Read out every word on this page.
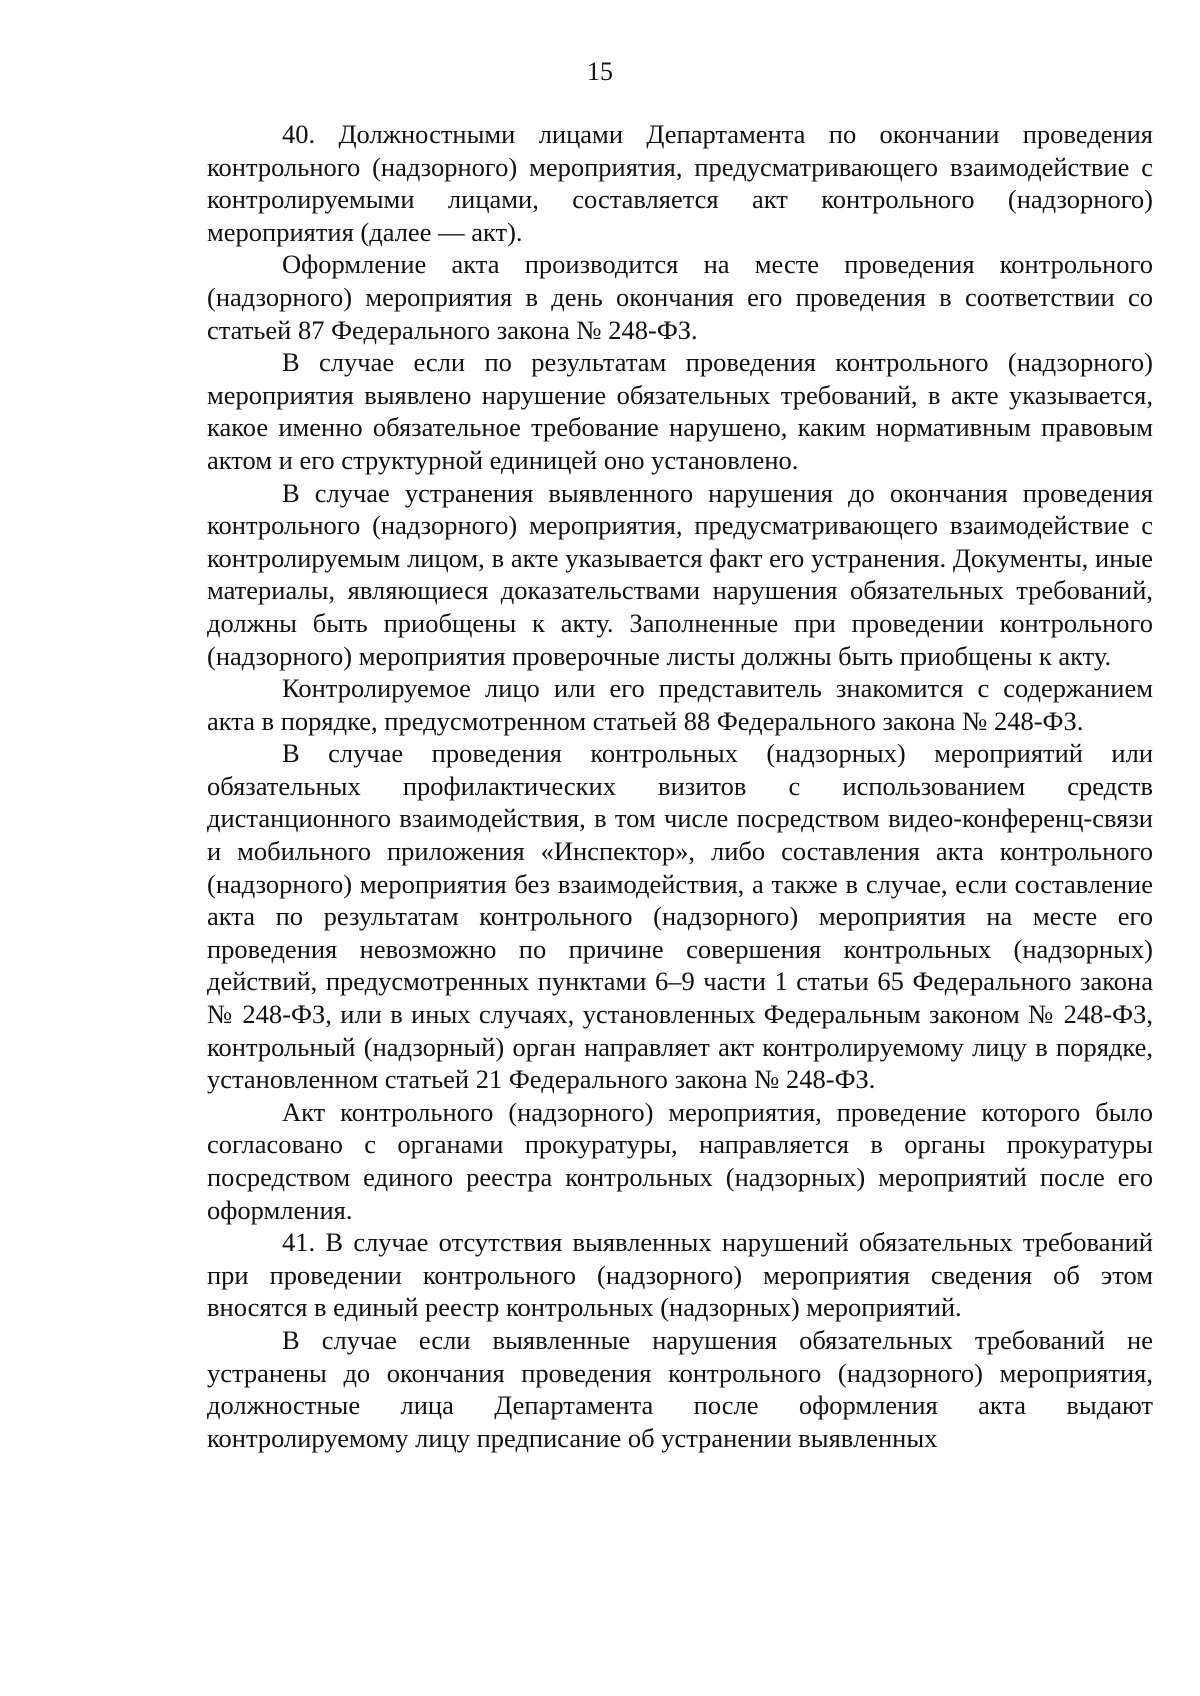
15

40. Должностными лицами Департамента по окончании проведения контрольного (надзорного) мероприятия, предусматривающего взаимодействие с контролируемыми лицами, составляется акт контрольного (надзорного) мероприятия (далее — акт).

Оформление акта производится на месте проведения контрольного (надзорного) мероприятия в день окончания его проведения в соответствии со статьей 87 Федерального закона № 248-ФЗ.

В случае если по результатам проведения контрольного (надзорного) мероприятия выявлено нарушение обязательных требований, в акте указывается, какое именно обязательное требование нарушено, каким нормативным правовым актом и его структурной единицей оно установлено.

В случае устранения выявленного нарушения до окончания проведения контрольного (надзорного) мероприятия, предусматривающего взаимодействие с контролируемым лицом, в акте указывается факт его устранения. Документы, иные материалы, являющиеся доказательствами нарушения обязательных требований, должны быть приобщены к акту. Заполненные при проведении контрольного (надзорного) мероприятия проверочные листы должны быть приобщены к акту.

Контролируемое лицо или его представитель знакомится с содержанием акта в порядке, предусмотренном статьей 88 Федерального закона № 248-ФЗ.

В случае проведения контрольных (надзорных) мероприятий или обязательных профилактических визитов с использованием средств дистанционного взаимодействия, в том числе посредством видео-конференц-связи и мобильного приложения «Инспектор», либо составления акта контрольного (надзорного) мероприятия без взаимодействия, а также в случае, если составление акта по результатам контрольного (надзорного) мероприятия на месте его проведения невозможно по причине совершения контрольных (надзорных) действий, предусмотренных пунктами 6–9 части 1 статьи 65 Федерального закона № 248-ФЗ, или в иных случаях, установленных Федеральным законом № 248-ФЗ, контрольный (надзорный) орган направляет акт контролируемому лицу в порядке, установленном статьей 21 Федерального закона № 248-ФЗ.

Акт контрольного (надзорного) мероприятия, проведение которого было согласовано с органами прокуратуры, направляется в органы прокуратуры посредством единого реестра контрольных (надзорных) мероприятий после его оформления.

41. В случае отсутствия выявленных нарушений обязательных требований при проведении контрольного (надзорного) мероприятия сведения об этом вносятся в единый реестр контрольных (надзорных) мероприятий.

В случае если выявленные нарушения обязательных требований не устранены до окончания проведения контрольного (надзорного) мероприятия, должностные лица Департамента после оформления акта выдают контролируемому лицу предписание об устранении выявленных
